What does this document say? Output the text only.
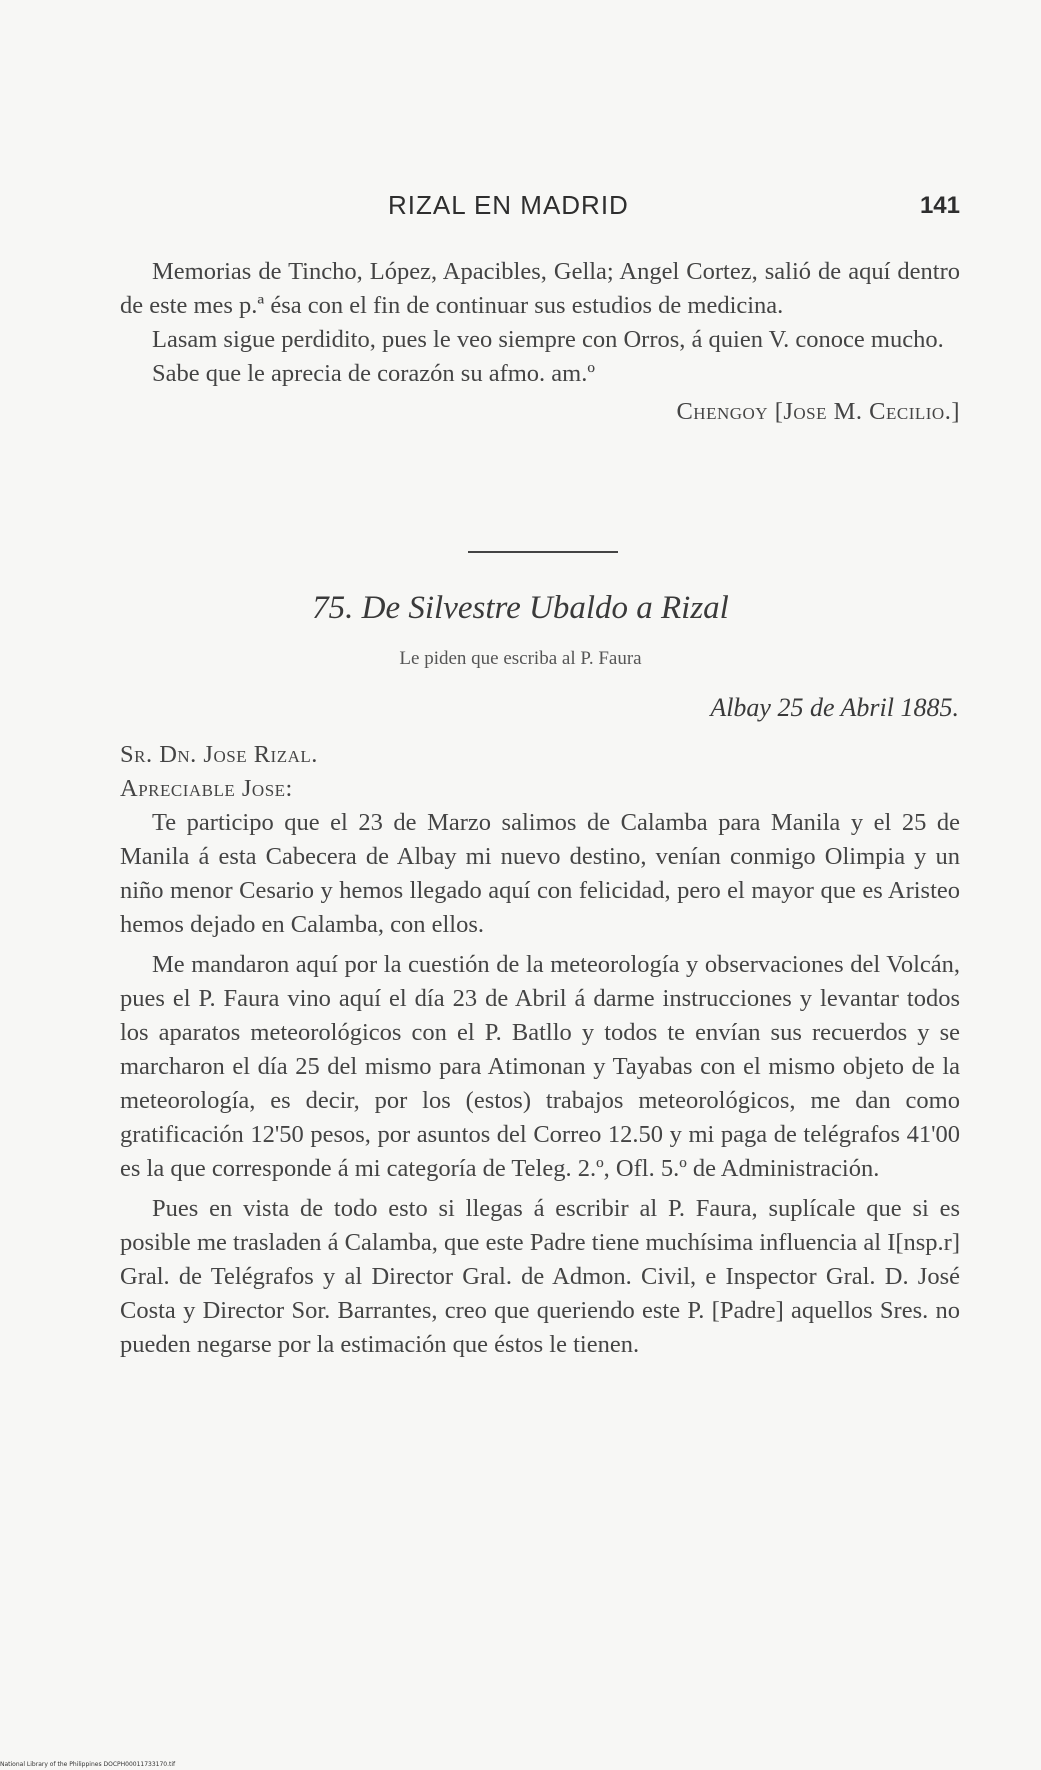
RIZAL EN MADRID	141

Memorias de Tincho, López, Apacibles, Gella; Angel Cortez, salió de aquí dentro de este mes p.ª ésa con el fin de continuar sus estudios de medicina.

Lasam sigue perdidito, pues le veo siempre con Orros, á quien V. conoce mucho.

Sabe que le aprecia de corazón su afmo. am.º

Chengoy [Jose M. Cecilio.]

75. De Silvestre Ubaldo a Rizal
Le piden que escriba al P. Faura
Albay 25 de Abril 1885.

Sr. Dn. Jose Rizal.

Apreciable Jose:

Te participo que el 23 de Marzo salimos de Calamba para Manila y el 25 de Manila á esta Cabecera de Albay mi nuevo destino, venían conmigo Olimpia y un niño menor Cesario y hemos llegado aquí con felicidad, pero el mayor que es Aristeo hemos dejado en Calamba, con ellos.

Me mandaron aquí por la cuestión de la meteorología y observaciones del Volcán, pues el P. Faura vino aquí el día 23 de Abril á darme instrucciones y levantar todos los aparatos meteorológicos con el P. Batllo y todos te envían sus recuerdos y se marcharon el día 25 del mismo para Atimonan y Tayabas con el mismo objeto de la meteorología, es decir, por los (estos) trabajos meteorológicos, me dan como gratificación 12'50 pesos, por asuntos del Correo 12.50 y mi paga de telégrafos 41'00 es la que corresponde á mi categoría de Teleg. 2.º, Ofl. 5.º de Administración.

Pues en vista de todo esto si llegas á escribir al P. Faura, suplícale que si es posible me trasladen á Calamba, que este Padre tiene muchísima influencia al I[nsp.r] Gral. de Telégrafos y al Director Gral. de Admon. Civil, e Inspector Gral. D. José Costa y Director Sor. Barrantes, creo que queriendo este P. [Padre] aquellos Sres. no pueden negarse por la estimación que éstos le tienen.

National Library of the Philippines DOCPH00011733170.tif
